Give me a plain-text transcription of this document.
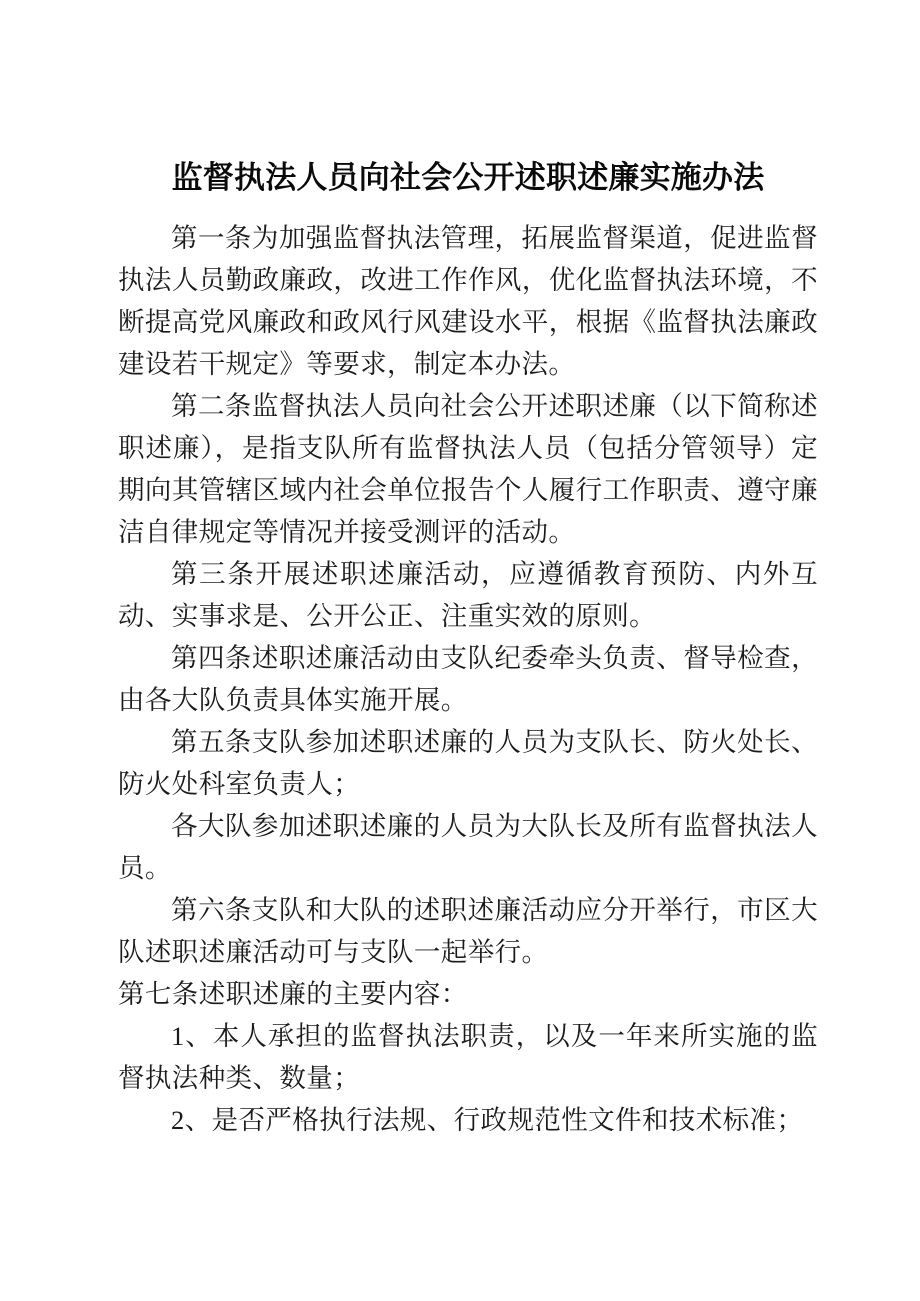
监督执法人员向社会公开述职述廉实施办法

第一条为加强监督执法管理，拓展监督渠道，促进监督执法人员勤政廉政，改进工作作风，优化监督执法环境，不断提高党风廉政和政风行风建设水平，根据《监督执法廉政建设若干规定》等要求，制定本办法。

第二条监督执法人员向社会公开述职述廉（以下简称述职述廉），是指支队所有监督执法人员（包括分管领导）定期向其管辖区域内社会单位报告个人履行工作职责、遵守廉洁自律规定等情况并接受测评的活动。

第三条开展述职述廉活动，应遵循教育预防、内外互动、实事求是、公开公正、注重实效的原则。

第四条述职述廉活动由支队纪委牵头负责、督导检查，由各大队负责具体实施开展。

第五条支队参加述职述廉的人员为支队长、防火处长、防火处科室负责人；

各大队参加述职述廉的人员为大队长及所有监督执法人员。

第六条支队和大队的述职述廉活动应分开举行，市区大队述职述廉活动可与支队一起举行。

第七条述职述廉的主要内容：

1、本人承担的监督执法职责，以及一年来所实施的监督执法种类、数量；

2、是否严格执行法规、行政规范性文件和技术标准；
